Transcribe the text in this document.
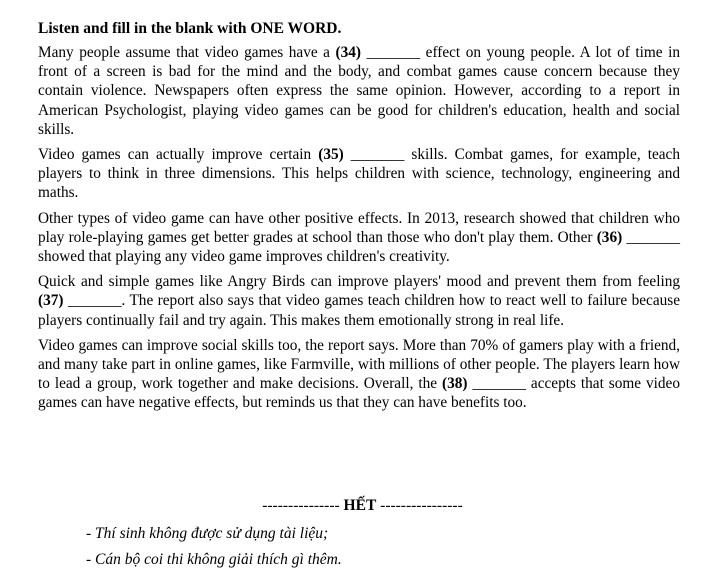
Listen and fill in the blank with ONE WORD.

Many people assume that video games have a (34) _______ effect on young people. A lot of time in front of a screen is bad for the mind and the body, and combat games cause concern because they contain violence. Newspapers often express the same opinion. However, according to a report in American Psychologist, playing video games can be good for children's education, health and social skills.

Video games can actually improve certain (35) _______ skills. Combat games, for example, teach players to think in three dimensions. This helps children with science, technology, engineering and maths.

Other types of video game can have other positive effects. In 2013, research showed that children who play role-playing games get better grades at school than those who don't play them. Other (36) _______ showed that playing any video game improves children's creativity.

Quick and simple games like Angry Birds can improve players' mood and prevent them from feeling (37) _______. The report also says that video games teach children how to react well to failure because players continually fail and try again. This makes them emotionally strong in real life.

Video games can improve social skills too, the report says. More than 70% of gamers play with a friend, and many take part in online games, like Farmville, with millions of other people. The players learn how to lead a group, work together and make decisions. Overall, the (38) _______ accepts that some video games can have negative effects, but reminds us that they can have benefits too.

--------------- HẾT ----------------
- Thí sinh không được sử dụng tài liệu;
- Cán bộ coi thi không giải thích gì thêm.
